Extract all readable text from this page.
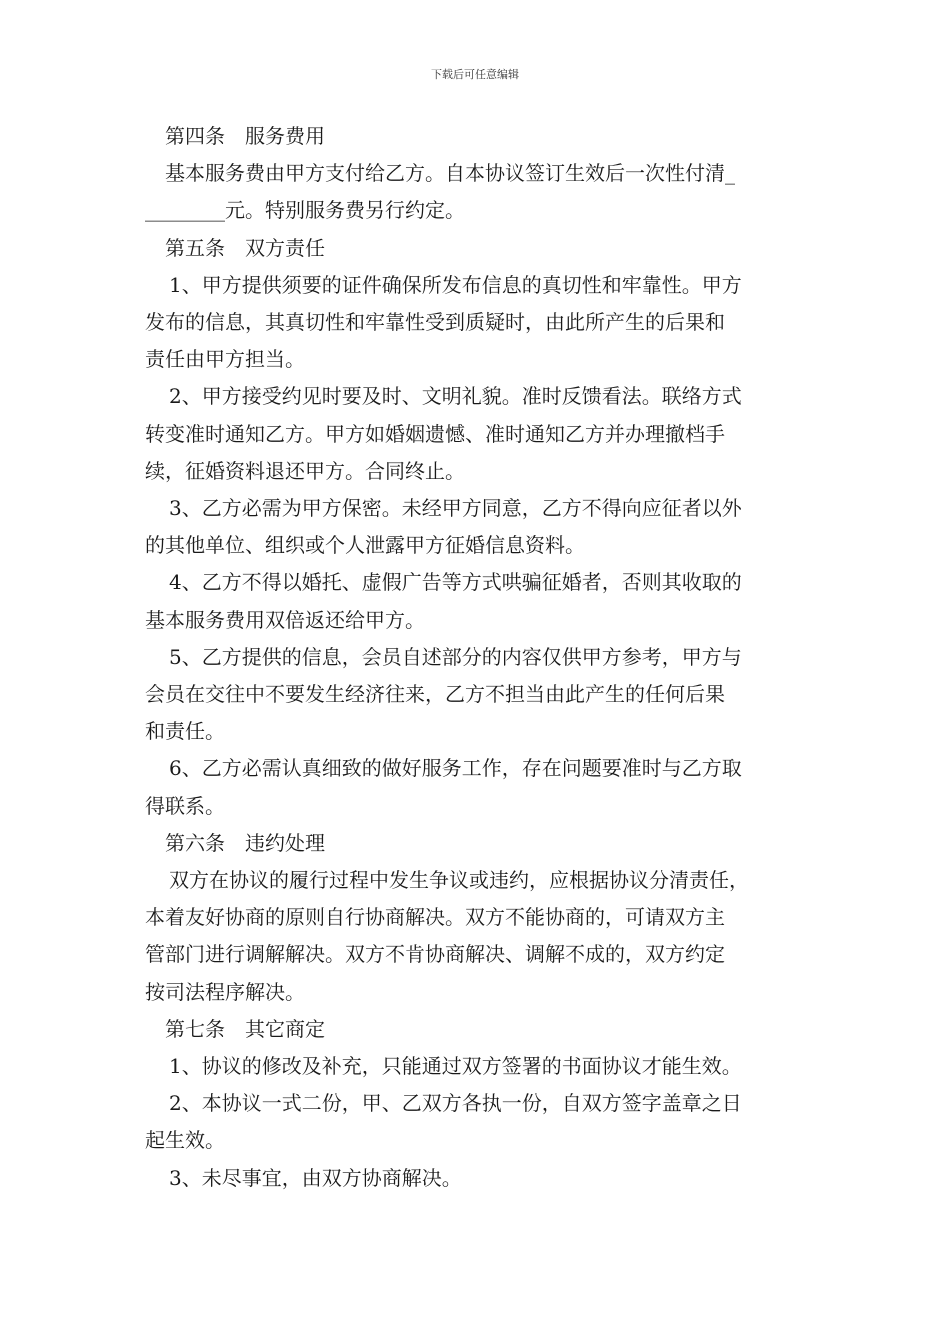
下载后可任意编辑

第四条 服务费用

基本服务费由甲方支付给乙方。自本协议签订生效后一次性付清_

________元。特别服务费另行约定。

第五条 双方责任

1、甲方提供须要的证件确保所发布信息的真切性和牢靠性。甲方

发布的信息，其真切性和牢靠性受到质疑时，由此所产生的后果和

责任由甲方担当。

2、甲方接受约见时要及时、文明礼貌。准时反馈看法。联络方式

转变准时通知乙方。甲方如婚姻遗憾、准时通知乙方并办理撤档手

续，征婚资料退还甲方。合同终止。

3、乙方必需为甲方保密。未经甲方同意，乙方不得向应征者以外

的其他单位、组织或个人泄露甲方征婚信息资料。

4、乙方不得以婚托、虚假广告等方式哄骗征婚者，否则其收取的

基本服务费用双倍返还给甲方。

5、乙方提供的信息，会员自述部分的内容仅供甲方参考，甲方与

会员在交往中不要发生经济往来，乙方不担当由此产生的任何后果

和责任。

6、乙方必需认真细致的做好服务工作，存在问题要准时与乙方取

得联系。

第六条 违约处理

双方在协议的履行过程中发生争议或违约，应根据协议分清责任，

本着友好协商的原则自行协商解决。双方不能协商的，可请双方主

管部门进行调解解决。双方不肯协商解决、调解不成的，双方约定

按司法程序解决。

第七条 其它商定

1、协议的修改及补充，只能通过双方签署的书面协议才能生效。

2、本协议一式二份，甲、乙双方各执一份，自双方签字盖章之日

起生效。

3、未尽事宜，由双方协商解决。
